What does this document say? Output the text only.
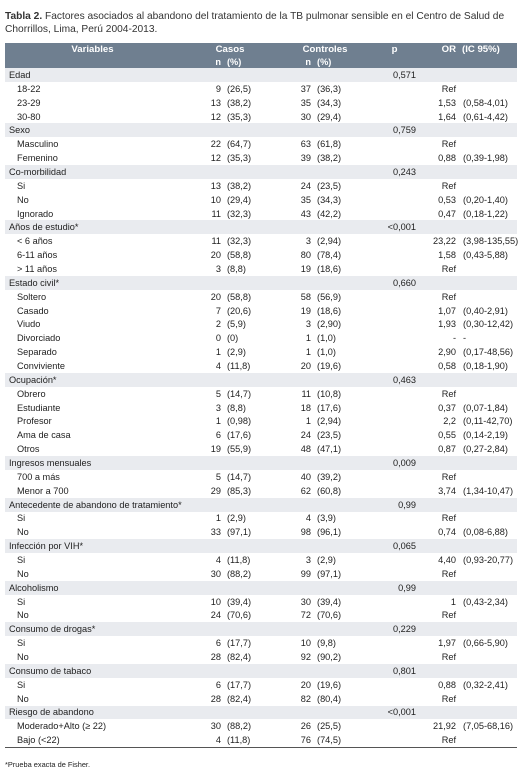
Tabla 2. Factores asociados al abandono del tratamiento de la TB pulmonar sensible en el Centro de Salud de Chorrillos, Lima, Perú 2004-2013.
Variables	Casos		Controles		p	OR	(IC 95%)
	n	(%)	n	(%)			
Edad					0,571		
18-22	9	(26,5)	37	(36,3)		Ref	
23-29	13	(38,2)	35	(34,3)		1,53	(0,58-4,01)
30-80	12	(35,3)	30	(29,4)		1,64	(0,61-4,42)
Sexo					0,759		
Masculino	22	(64,7)	63	(61,8)		Ref	
Femenino	12	(35,3)	39	(38,2)		0,88	(0,39-1,98)
Co-morbilidad					0,243		
Si	13	(38,2)	24	(23,5)		Ref	
No	10	(29,4)	35	(34,3)		0,53	(0,20-1,40)
Ignorado	11	(32,3)	43	(42,2)		0,47	(0,18-1,22)
Años de estudio*					<0,001		
< 6 años	11	(32,3)	3	(2,94)		23,22	(3,98-135,55)
6-11 años	20	(58,8)	80	(78,4)		1,58	(0,43-5,88)
> 11 años	3	(8,8)	19	(18,6)		Ref	
Estado civil*					0,660		
Soltero	20	(58,8)	58	(56,9)		Ref	
Casado	7	(20,6)	19	(18,6)		1,07	(0,40-2,91)
Viudo	2	(5,9)	3	(2,90)		1,93	(0,30-12,42)
Divorciado	0	(0)	1	(1,0)		-	-
Separado	1	(2,9)	1	(1,0)		2,90	(0,17-48,56)
Conviviente	4	(11,8)	20	(19,6)		0,58	(0,18-1,90)
Ocupación*					0,463		
Obrero	5	(14,7)	11	(10,8)		Ref	
Estudiante	3	(8,8)	18	(17,6)		0,37	(0,07-1,84)
Profesor	1	(0,98)	1	(2,94)		2,2	(0,11-42,70)
Ama de casa	6	(17,6)	24	(23,5)		0,55	(0,14-2,19)
Otros	19	(55,9)	48	(47,1)		0,87	(0,27-2,84)
Ingresos mensuales					0,009		
700 a más	5	(14,7)	40	(39,2)		Ref	
Menor a 700	29	(85,3)	62	(60,8)		3,74	(1,34-10,47)
Antecedente de abandono de tratamiento*					0,99		
Si	1	(2,9)	4	(3,9)		Ref	
No	33	(97,1)	98	(96,1)		0,74	(0,08-6,88)
Infección por VIH*					0,065		
Si	4	(11,8)	3	(2,9)		4,40	(0,93-20,77)
No	30	(88,2)	99	(97,1)		Ref	
Alcoholismo					0,99		
Si	10	(39,4)	30	(39,4)		1	(0,43-2,34)
No	24	(70,6)	72	(70,6)		Ref	
Consumo de drogas*					0,229		
Si	6	(17,7)	10	(9,8)		1,97	(0,66-5,90)
No	28	(82,4)	92	(90,2)		Ref	
Consumo de tabaco					0,801		
Si	6	(17,7)	20	(19,6)		0,88	(0,32-2,41)
No	28	(82,4)	82	(80,4)		Ref	
Riesgo de abandono					<0,001		
Moderado+Alto (≥ 22)	30	(88,2)	26	(25,5)		21,92	(7,05-68,16)
Bajo (<22)	4	(11,8)	76	(74,5)		Ref	
*Prueba exacta de Fisher.
